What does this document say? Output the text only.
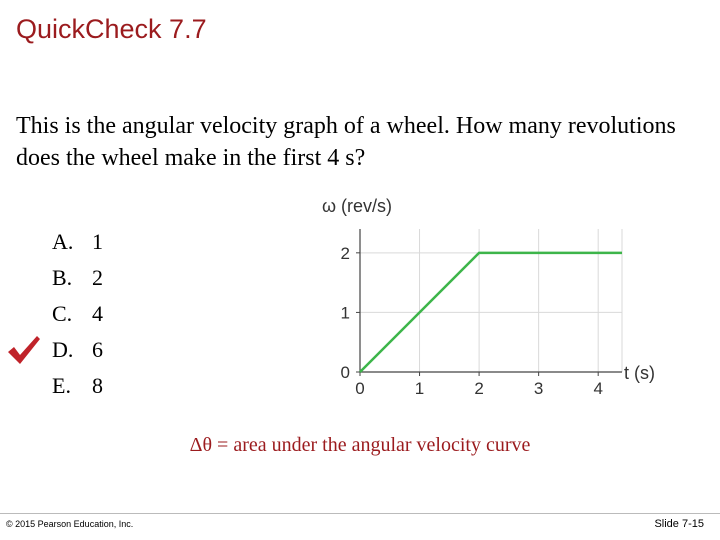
QuickCheck 7.7
This is the angular velocity graph of a wheel. How many revolutions does the wheel make in the first 4 s?
A. 1
B. 2
C. 4
D. 6
E. 8	0	1	2	3	4
0
1
2
ω (rev/s)
t (s)
Δθ = area under the angular velocity curve
© 2015 Pearson Education, Inc.	Slide 7-15
